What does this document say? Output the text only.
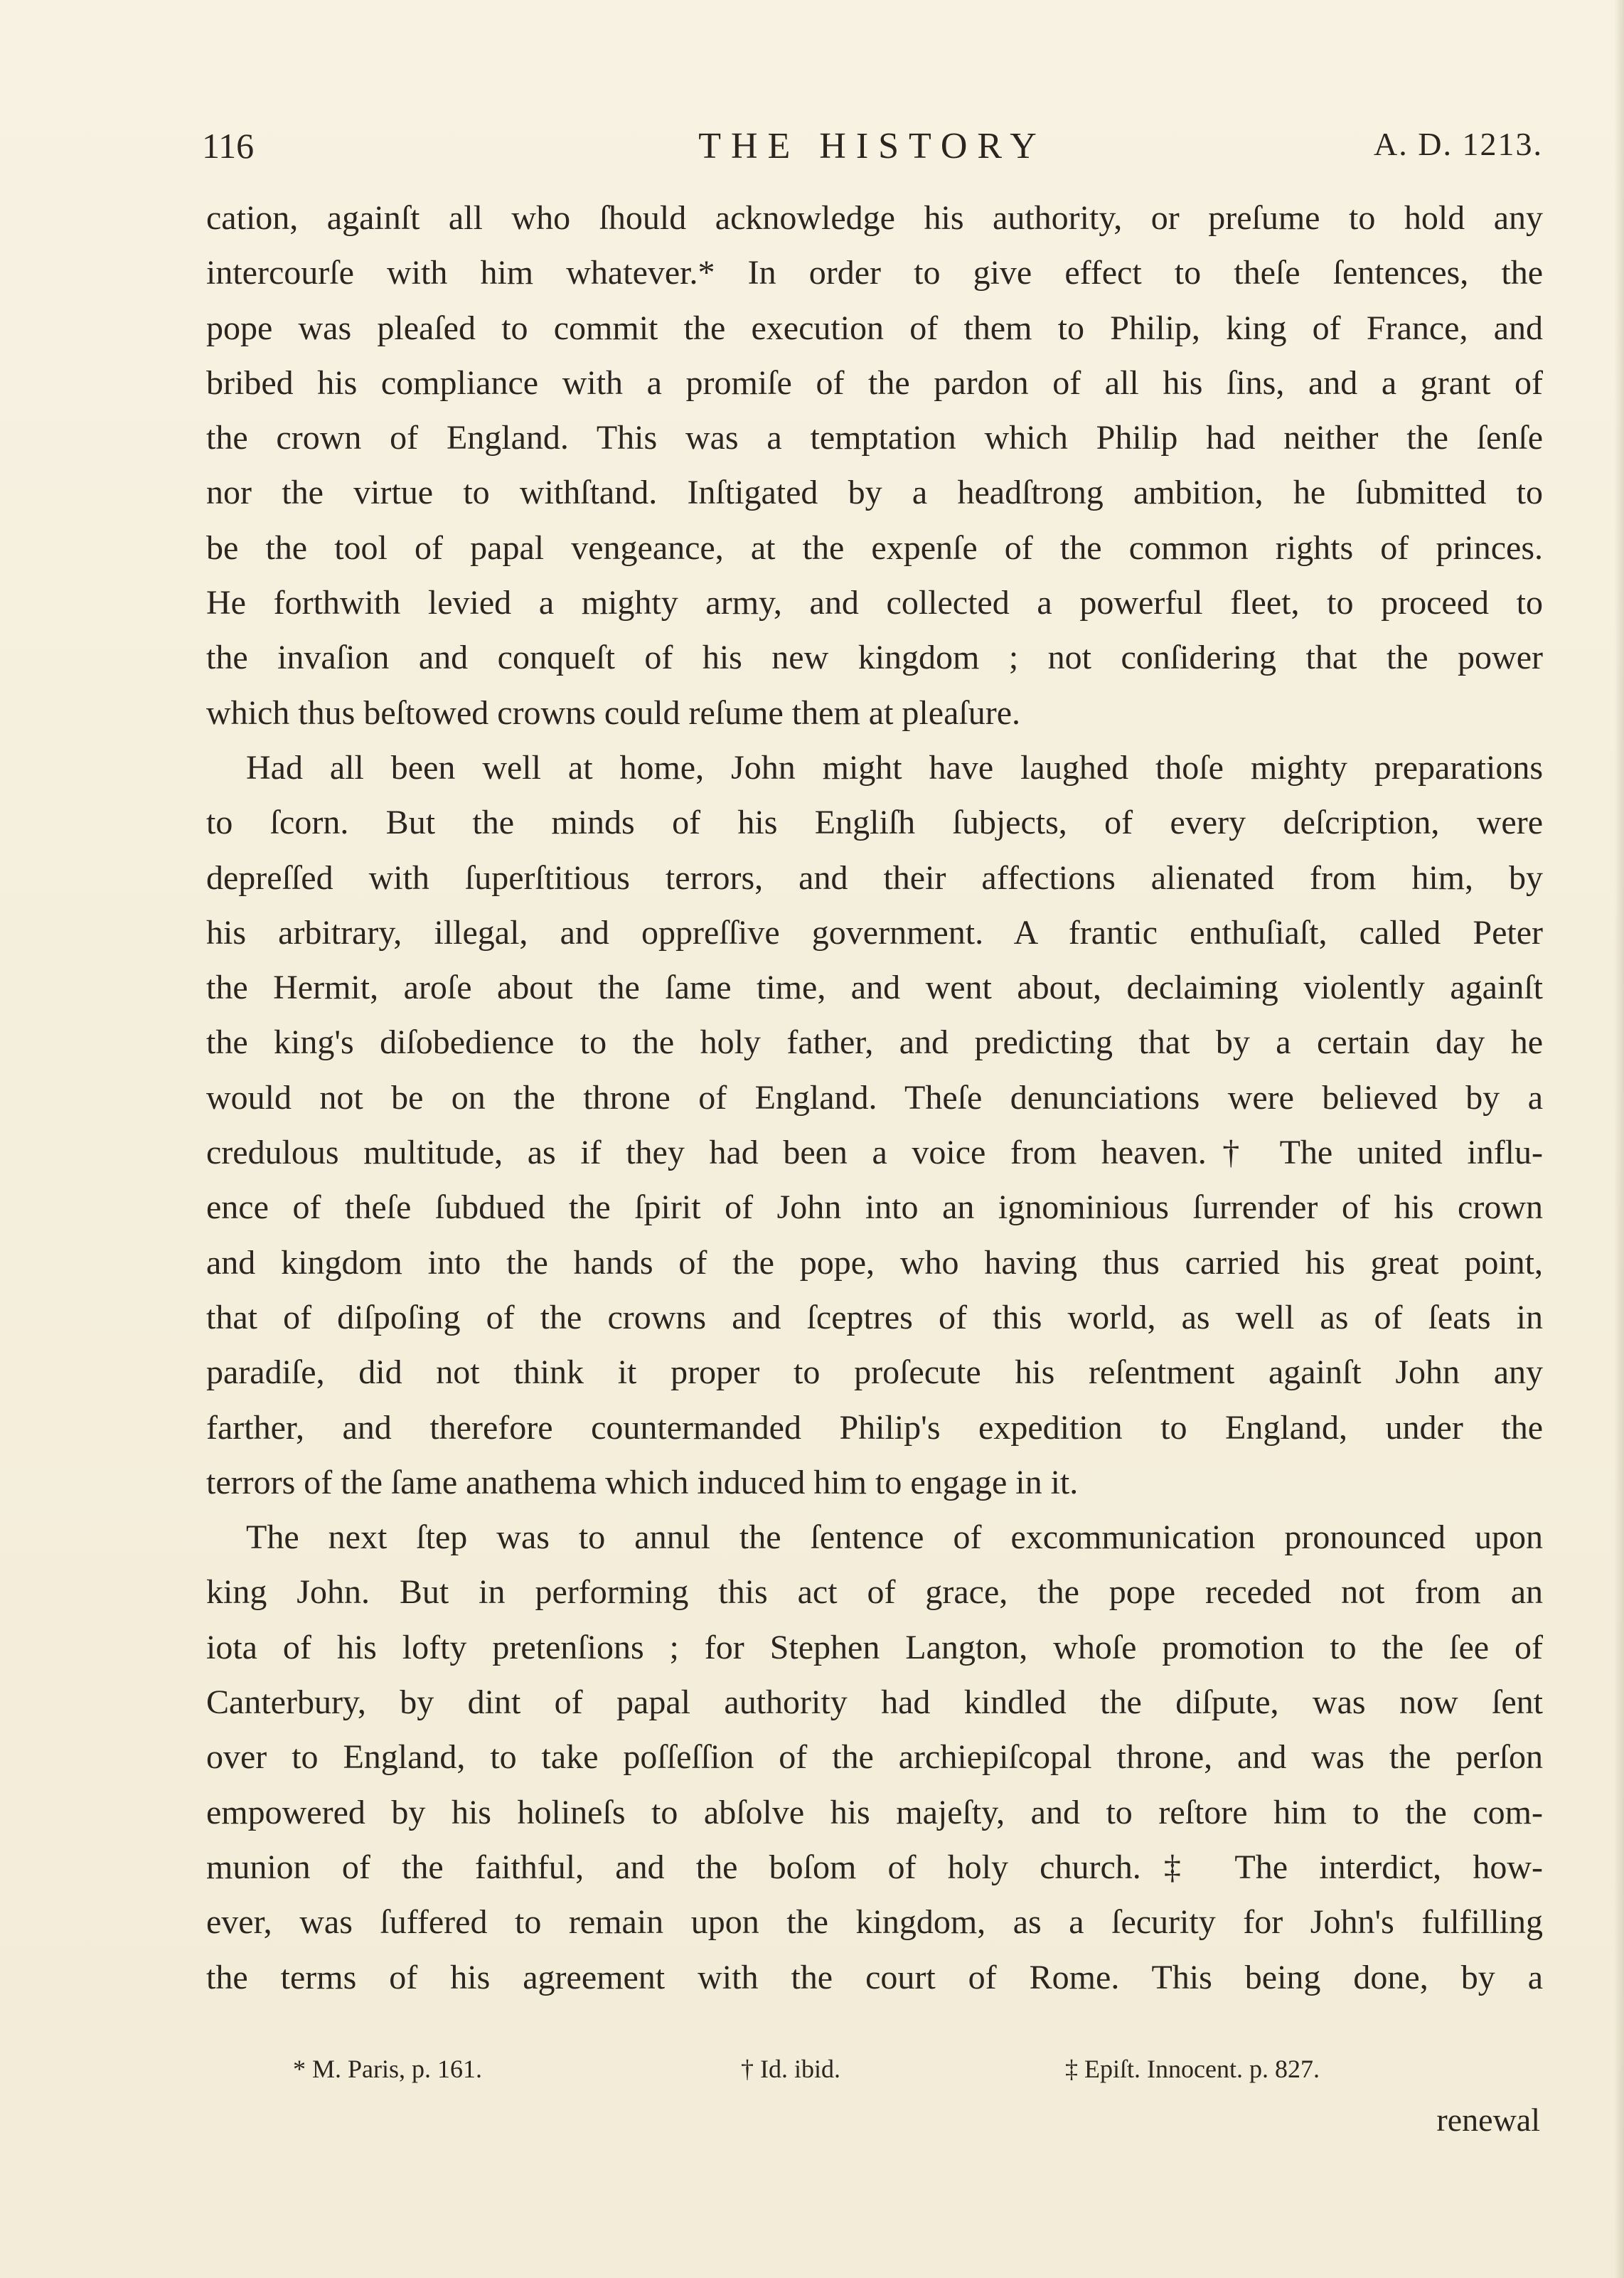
116	THE HISTORY	A. D. 1213.
cation, againſt all who ſhould acknowledge his authority, or preſume to hold any
intercourſe with him whatever.* In order to give effect to theſe ſentences, the
pope was pleaſed to commit the execution of them to Philip, king of France, and
bribed his compliance with a promiſe of the pardon of all his ſins, and a grant of
the crown of England. This was a temptation which Philip had neither the ſenſe
nor the virtue to withſtand. Inſtigated by a headſtrong ambition, he ſubmitted to
be the tool of papal vengeance, at the expenſe of the common rights of princes.
He forthwith levied a mighty army, and collected a powerful fleet, to proceed to
the invaſion and conqueſt of his new kingdom ; not conſidering that the power
which thus beſtowed crowns could reſume them at pleaſure.
Had all been well at home, John might have laughed thoſe mighty preparations
to ſcorn. But the minds of his Engliſh ſubjects, of every deſcription, were
depreſſed with ſuperſtitious terrors, and their affections alienated from him, by
his arbitrary, illegal, and oppreſſive government. A frantic enthuſiaſt, called Peter
the Hermit, aroſe about the ſame time, and went about, declaiming violently againſt
the king's diſobedience to the holy father, and predicting that by a certain day he
would not be on the throne of England. Theſe denunciations were believed by a
credulous multitude, as if they had been a voice from heaven.† The united influ-
ence of theſe ſubdued the ſpirit of John into an ignominious ſurrender of his crown
and kingdom into the hands of the pope, who having thus carried his great point,
that of diſpoſing of the crowns and ſceptres of this world, as well as of ſeats in
paradiſe, did not think it proper to proſecute his reſentment againſt John any
farther, and therefore countermanded Philip's expedition to England, under the
terrors of the ſame anathema which induced him to engage in it.
The next ſtep was to annul the ſentence of excommunication pronounced upon
king John. But in performing this act of grace, the pope receded not from an
iota of his lofty pretenſions ; for Stephen Langton, whoſe promotion to the ſee of
Canterbury, by dint of papal authority had kindled the diſpute, was now ſent
over to England, to take poſſeſſion of the archiepiſcopal throne, and was the perſon
empowered by his holineſs to abſolve his majeſty, and to reſtore him to the com-
munion of the faithful, and the boſom of holy church.‡ The interdict, how-
ever, was ſuffered to remain upon the kingdom, as a ſecurity for John's fulfilling
the terms of his agreement with the court of Rome. This being done, by a
* M. Paris, p. 161.	† Id. ibid.	‡ Epiſt. Innocent. p. 827.
renewal
